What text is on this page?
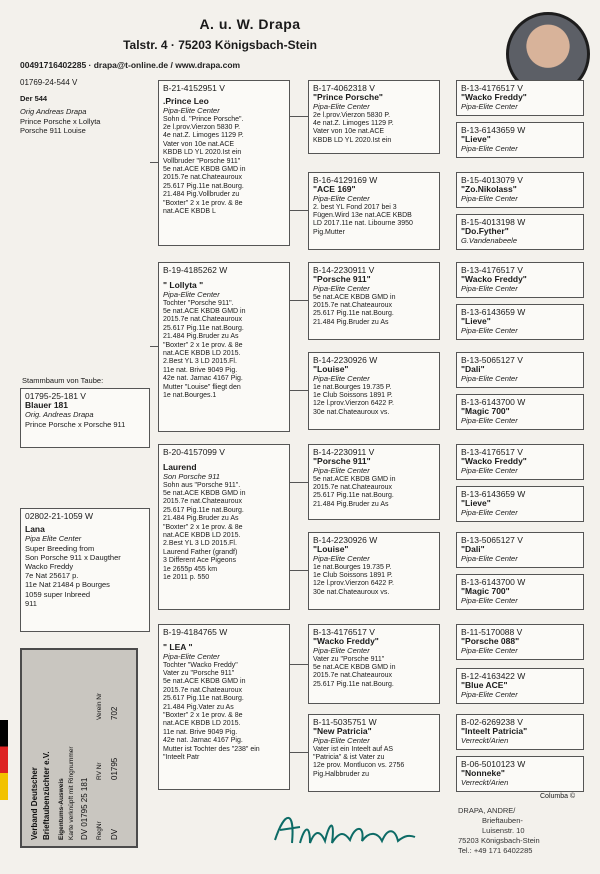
A. u. W. Drapa
Talstr. 4 · 75203 Königsbach-Stein
00491716402285 · drapa@t-online.de / www.drapa.com
01769-24-544 V
Der 544
Orig Andreas Drapa
Prince Porsche x Lollyta
Porsche 911 Louise
Stammbaum von Taube:
01795-25-181 V
Blauer 181
Orig. Andreas Drapa
Prince Porsche x Porsche 911
02802-21-1059 W
Lana
Pipa Elite Center
Super Breeding from
Son Porsche 911 x Daugther
Wacko Freddy
7e Nat 25617 p.
11e Nat 21484 p Bourges
1059 super Inbreed
911
B-21-4152951 V
.Prince Leo
Pipa-Elite Center
Sohn d. "Prince Porsche".
2e l.prov.Vierzon 5830 P.
4e nat.Z. Limoges 1129 P.
Vater von 10e nat.ACE
KBDB LD YL 2020.Ist ein
Vollbruder "Porsche 911"
5e nat.ACE KBDB GMD in
2015.7e nat.Chateauroux
25.617 Pig.11e nat.Bourg.
21.484 Pig.Vollbruder zu
"Boxter" 2 x 1e prov. & 8e
nat.ACE KBDB L
B-19-4185262 W
" Lollyta "
Pipa-Elite Center
Tochter "Porsche 911".
5e nat.ACE KBDB GMD in
2015.7e nat.Chateauroux
25.617 Pig.11e nat.Bourg.
21.484 Pig.Bruder zu As
"Boxter" 2 x 1e prov. & 8e
nat.ACE KBDB LD 2015.
2.Best YL 3 LD 2015.Fl.
11e nat. Brive 9049 Pig.
42e nat. Jarnac 4167 Pig.
Mutter "Louise" fliegt den
1e nat.Bourges.1
B-20-4157099 V
Laurend
Son Porsche 911
Sohn aus "Porsche 911".
5e nat.ACE KBDB GMD in
2015.7e nat.Chateauroux
25.617 Pig.11e nat.Bourg.
21.484 Pig.Bruder zu As
"Boxter" 2 x 1e prov. & 8e
nat.ACE KBDB LD 2015.
2.Best YL 3 LD 2015.Fl.
Laurend Father (grandf)
3 Different Ace Pigeons
1e 2655p 455 km
1e 2011 p. 550
B-19-4184765 W
" LEA "
Pipa-Elite Center
Tochter "Wacko Freddy"
Vater zu "Porsche 911"
5e nat.ACE KBDB GMD in
2015.7e nat.Chateauroux
25.617 Pig.11e nat.Bourg.
21.484 Pig.Vater zu As
"Boxter" 2 x 1e prov. & 8e
nat.ACE KBDB LD 2015.
11e nat. Brive 9049 Pig.
42e nat. Jarnac 4167 Pig.
Mutter ist Tochter des "238" ein
"Inteelt Patr
B-17-4062318 V
"Prince Porsche"
Pipa-Elite Center
2e l.prov.Vierzon 5830 P.
4e nat.Z. Limoges 1129 P.
Vater von 10e nat.ACE
KBDB LD YL 2020.Ist ein
B-16-4129169 W
"ACE 169"
Pipa-Elite Center
2. best YL Fond 2017 bei 3
Fügen.Wird 13e nat.ACE KBDB
LD 2017.11e nat. Libourne 3950
Pig.Mutter
B-14-2230911 V
"Porsche 911"
Pipa-Elite Center
5e nat.ACE KBDB GMD in
2015.7e nat.Chateauroux
25.617 Pig.11e nat.Bourg.
21.484 Pig.Bruder zu As
B-14-2230926 W
"Louise"
Pipa-Elite Center
1e nat.Bourges 19.735 P.
1e Club Soissons 1891 P.
12e l.prov.Vierzon 6422 P.
30e nat.Chateauroux vs.
B-14-2230911 V
"Porsche 911"
Pipa-Elite Center
5e nat.ACE KBDB GMD in
2015.7e nat.Chateauroux
25.617 Pig.11e nat.Bourg.
21.484 Pig.Bruder zu As
B-14-2230926 W
"Louise"
Pipa-Elite Center
1e nat.Bourges 19.735 P.
1e Club Soissons 1891 P.
12e l.prov.Vierzon 6422 P.
30e nat.Chateauroux vs.
B-13-4176517 V
"Wacko Freddy"
Pipa-Elite Center
Vater zu "Porsche 911"
5e nat.ACE KBDB GMD in
2015.7e nat.Chateauroux
25.617 Pig.11e nat.Bourg.
B-11-5035751 W
"New Patricia"
Pipa-Elite Center
Vater ist ein Inteelt auf AS
"Patricia" & ist Vater zu
12e prov. Montlucon vs. 2756
Pig.Halbbruder zu
B-13-4176517 V
"Wacko Freddy"
Pipa-Elite Center
B-13-6143659 W
"Lieve"
Pipa-Elite Center
B-15-4013079 V
"Zo.Nikolass"
Pipa-Elite Center
B-15-4013198 W
"Do.Fyther"
G.Vandenabeele
B-13-4176517 V
"Wacko Freddy"
Pipa-Elite Center
B-13-6143659 W
"Lieve"
Pipa-Elite Center
B-13-5065127 V
"Dali"
Pipa-Elite Center
B-13-6143700 W
"Magic 700"
Pipa-Elite Center
B-13-4176517 V
"Wacko Freddy"
Pipa-Elite Center
B-13-6143659 W
"Lieve"
Pipa-Elite Center
B-13-5065127 V
"Dali"
Pipa-Elite Center
B-13-6143700 W
"Magic 700"
Pipa-Elite Center
B-11-5170088 V
"Porsche 088"
Pipa-Elite Center
B-12-4163422 W
"Blue ACE"
Pipa-Elite Center
B-02-6269238 V
"Inteelt Patricia"
Verreckt/Arien
B-06-5010123 W
"Nonneke"
Verreckt/Arien
Columba ©
DRAPA, ANDRE/
Brieftauben-
Luisenstr. 10
75203 Königsbach-Stein
Tel.: +49 171 6402285
Verband Deutscher Brieftaubenzüchter e.V. Eigentums-Ausweis Karte verknüpft mit Ringnummer DV 01795 25 181 RegNr
RV Nr
Verein Nr
DV
01795
702
